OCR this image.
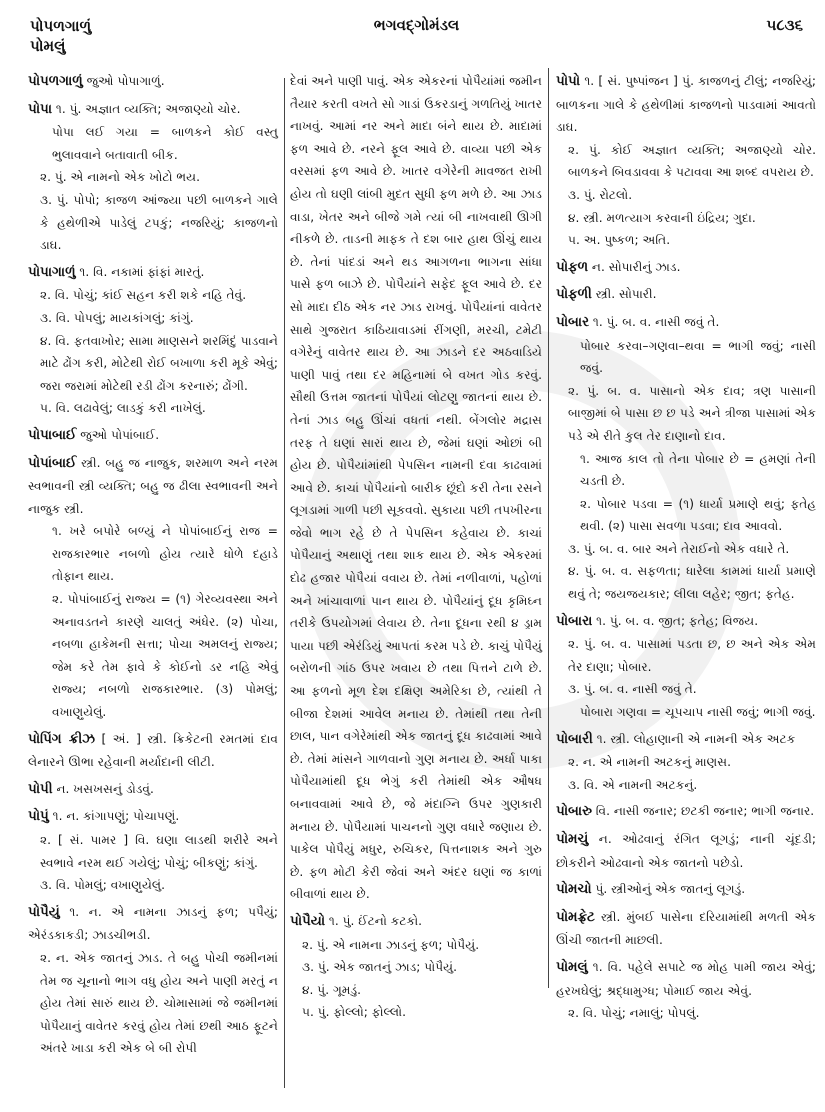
પોપળગાળું
પોમલું
ભગવદ્ગોમંડલ	૫૮૩૬
પોપળગાળું જુઓ પોપાગાળું.
પોપા ૧. પું. અજ્ઞાત વ્યક્તિ; અજાણ્યો ચોર.
પોપા લઈ ગયા = બાળકને કોઈ વસ્તુ ભુલાવવાને બતાવાતી બીક.
૨. પું. એ નામનો એક ખોટો ભય.
૩. પું. પોપો; કાજળ આંજ્યા પછી બાળકને ગાલે કે હથેળીએ પાડેલું ટપકું; નજરિયું; કાજળનો ડાઘ.
પોપાગાળું ૧. વિ. નકામાં ફાંફાં મારતું.
૨. વિ. પોચું; કાંઈ સહન કરી શકે નહિ તેવું.
૩. વિ. પોપલું; માયકાંગલું; કાંગું.
૪. વિ. ફતવાખોર; સામા માણસને શરમિંદું પાડવાને માટે ઢોંગ કરી, મોટેથી રોઈ બખાળા કરી મૂકે એવું; જરા જરામાં મોટેથી રડી ઢોંગ કરનારું; ઢોંગી.
૫. વિ. લઢાવેલું; લાડકું કરી નાખેલું.
પોપાબાઈ જુઓ પોપાંબાઈ.
પોપાંબાઈ સ્ત્રી. બહુ જ નાજુક, શરમાળ અને નરમ સ્વભાવની સ્ત્રી વ્યક્તિ; બહુ જ ઢીલા સ્વભાવની અને નાજુક સ્ત્રી.
૧. ખરે બપોરે બળ્યું ને પોપાંબાઈનું રાજ = રાજકારભાર નબળો હોય ત્યારે ધોળે દહાડે તોફાન થાય.
૨. પોપાંબાઈનું રાજ્ય = (૧) ગેરવ્યવસ્થા અને અનાવડતને કારણે ચાલતું અંધેર. (૨) પોચા, નબળા હાકેમની સત્તા; પોચા અમલનું રાજ્ય; જેમ કરે તેમ ફાવે કે કોઈનો ડર નહિ એવું રાજ્ય; નબળો રાજકારભાર. (૩) પોમલું; વખાણુયેલું.
પોપિંગ ક્રીઝ [ અં. ] સ્ત્રી. ક્રિકેટની રમતમાં દાવ લેનારને ઊભા રહેવાની મર્યાદાની લીટી.
પોપી ન. ખસખસનું ડોડવું.
પોપું ૧. ન. કાંગાપણું; પોચાપણું.
૨. [ સં. પામર ] વિ. ઘણા લાડથી શરીરે અને સ્વભાવે નરમ થઈ ગયેલું; પોચું; બીકણું; કાંગું.
૩. વિ. પોમલું; વખાણુયેલું.
પોપૈયું ૧. ન. એ નામના ઝાડનું ફળ; પપૈયું; એરંડકાકડી; ઝાડચીભડી.
૨. ન. એક જાતનું ઝાડ. તે બહુ પોચી જમીનમાં તેમ જ ચૂનાનો ભાગ વધુ હોય અને પાણી મરતું ન હોય તેમાં સારું થાય છે. ચોમાસામાં જે જમીનમાં પોપૈયાનું વાવેતર કરવું હોય તેમાં છથી આઠ ફૂટને અંતરે ખાડા કરી એક બે બી રોપી
દેવાં અને પાણી પાવું. એક એકરનાં પોપૈયાંમાં જમીન તૈયાર કરતી વખતે સો ગાડાં ઉકરડાનું ગળતિયું ખાતર નાખવું. આમાં નર અને માદા બંને થાય છે. માદામાં ફળ આવે છે. નરને ફૂલ આવે છે. વાવ્યા પછી એક વરસમાં ફળ આવે છે. ખાતર વગેરેની માવજત રાખી હોય તો ઘણી લાંબી મુદત સુધી ફળ મળે છે. આ ઝાડ વાડા, ખેતર અને બીજે ગમે ત્યાં બી નાખવાથી ઊગી નીકળે છે. તાડની માફક તે દશ બાર હાથ ઊંચું થાય છે. તેનાં પાંદડાં અને થડ આગળના ભાગના સાંધા પાસે ફળ બાઝે છે. પોપૈયાંને સફેદ ફૂલ આવે છે. દર સો માદા દીઠ એક નર ઝાડ રાખવું. પોપૈયાંનાં વાવેતર સાથે ગુજરાત કાઠિયાવાડમાં રીંગણી, મરચી, ટમેટી વગેરેનું વાવેતર થાય છે. આ ઝાડને દર અઠવાડિયે પાણી પાવું તથા દર મહિનામાં બે વખત ગોડ કરવું. સૌથી ઉત્તમ જાતનાં પોપૈયાં લોટણુ જાતનાં થાય છે. તેનાં ઝાડ બહુ ઊંચાં વધતાં નથી. બેંગલોર મદ્રાસ તરફ તે ઘણાં સારાં થાય છે, જેમાં ઘણાં ઓછાં બી હોય છે. પોપૈયાંમાંથી પેપસિન નામની દવા કાઢવામાં આવે છે. કાચાં પોપૈયાંનો બારીક છૂંદો કરી તેના રસને લૂગડામાં ગાળી પછી સૂકવવો. સુકાયા પછી તપખીરના જેવો ભાગ રહે છે તે પેપસિન કહેવાય છે. કાચાં પોપૈયાનું અથાણું તથા શાક થાય છે. એક એકરમાં દોઢ હજાર પોપૈયાં વવાય છે. તેમાં નળીવાળાં, પહોળાં અને ખાંચાવાળાં પાન થાય છે. પોપૈયાંનું દૂધ કૃમિઘ્ન તરીકે ઉપયોગમાં લેવાય છે. તેના દૂધના રથી ૪ ડ્રામ પાયા પછી એરંડિયું આપતાં કરમ પડે છે. કાચું પોપૈયું બરોળની ગાંઠ ઉપર ખવાય છે તથા પિત્તને ટાળે છે. આ ફળનો મૂળ દેશ દક્ષિણ અમેરિકા છે, ત્યાંથી તે બીજા દેશમાં આવેલ મનાય છે. તેમાંથી તથા તેની છાલ, પાન વગેરેમાંથી એક જાતનું દૂધ કાઢવામાં આવે છે. તેમાં માંસને ગાળવાનો ગુણ મનાય છે. અર્ધા પાકા પોપૈયામાંથી દૂધ ભેગું કરી તેમાંથી એક ઔષધ બનાવવામાં આવે છે, જે મંદાગ્નિ ઉપર ગુણકારી મનાય છે. પોપૈયામાં પાચનનો ગુણ વધારે જણાય છે. પાકેલ પોપૈયું મધુર, રુચિકર, પિત્તનાશક અને ગુરુ છે. ફળ મોટી કેરી જેવાં અને અંદર ઘણાં જ કાળાં બીવાળાં થાય છે.
પોપૈયો ૧. પું. ઈંટનો કટકો.
૨. પું. એ નામના ઝાડનું ફળ; પોપૈયું.
૩. પું. એક જાતનું ઝાડ; પોપૈયું.
૪. પું. ગૂમડું.
૫. પું. ફોલ્લો; ફોલ્લો.
પોપો ૧. [ સં. પુષ્પાંજન ] પું. કાજળનું ટીલું; નજરિયું; બાળકના ગાલે કે હથેળીમાં કાજળનો પાડવામાં આવતો ડાઘ.
૨. પું. કોઈ અજ્ઞાત વ્યક્તિ; અજાણ્યો ચોર. બાળકને બિવડાવવા કે પટાવવા આ શબ્દ વપરાય છે.
૩. પું. રોટલો.
૪. સ્ત્રી. મળત્યાગ કરવાની ઇંદ્રિય; ગુદા.
૫. અ. પુષ્કળ; અતિ.
પોફળ ન. સોપારીનું ઝાડ.
પોફળી સ્ત્રી. સોપારી.
પોબાર ૧. પું. બ. વ. નાસી જવું તે.
પોબાર કરવા–ગણવા–થવા = ભાગી જવું; નાસી જવું.
૨. પું. બ. વ. પાસાનો એક દાવ; ત્રણ પાસાની બાજીમાં બે પાસા છ છ પડે અને ત્રીજા પાસામાં એક પડે એ રીતે કુલ તેર દાણાનો દાવ.
૧. આજ કાલ તો તેના પોબાર છે = હમણાં તેની ચડતી છે.
૨. પોબાર પડવા = (૧) ધાર્યા પ્રમાણે થવું; ફતેહ થવી. (૨) પાસા સવળા પડવા; દાવ આવવો.
૩. પું. બ. વ. બાર અને તેરાઈનો એક વધારે તે.
૪. પું. બ. વ. સફળતા; ધારેલા કામમાં ધાર્યા પ્રમાણે થવું તે; જયજયકાર; લીલા લહેર; જીત; ફતેહ.
પોબારા ૧. પું. બ. વ. જીત; ફતેહ; વિજય.
૨. પું. બ. વ. પાસામાં પડતા છ, છ અને એક એમ તેર દાણા; પોબાર.
૩. પું. બ. વ. નાસી જવું તે.
પોબારા ગણવા = ચૂપચાપ નાસી જવું; ભાગી જવું.
પોબારી ૧. સ્ત્રી. લોહાણાની એ નામની એક અટક
૨. ન. એ નામની અટકનું માણસ.
૩. વિ. એ નામની અટકનું.
પોબારુ વિ. નાસી જનાર; છટકી જનાર; ભાગી જનાર.
પોમચું ન. ઓઢવાનું રંગિત લૂગડું; નાની ચૂંદડી; છોકરીને ઓઢવાનો એક જાતનો પછેડો.
પોમચો પું. સ્ત્રીઓનું એક જાતનું લૂગડું.
પોમફ્રેટ સ્ત્રી. મુંબઈ પાસેના દરિયામાંથી મળતી એક ઊંચી જાતની માછલી.
પોમલું ૧. વિ. પહેલે સપાટે જ મોહ પામી જાય એવું; હરખઘેલું; શ્રદ્ધામુગ્ધ; પોમાઈ જાય એવું.
૨. વિ. પોચું; નમાલું; પોપલું.
